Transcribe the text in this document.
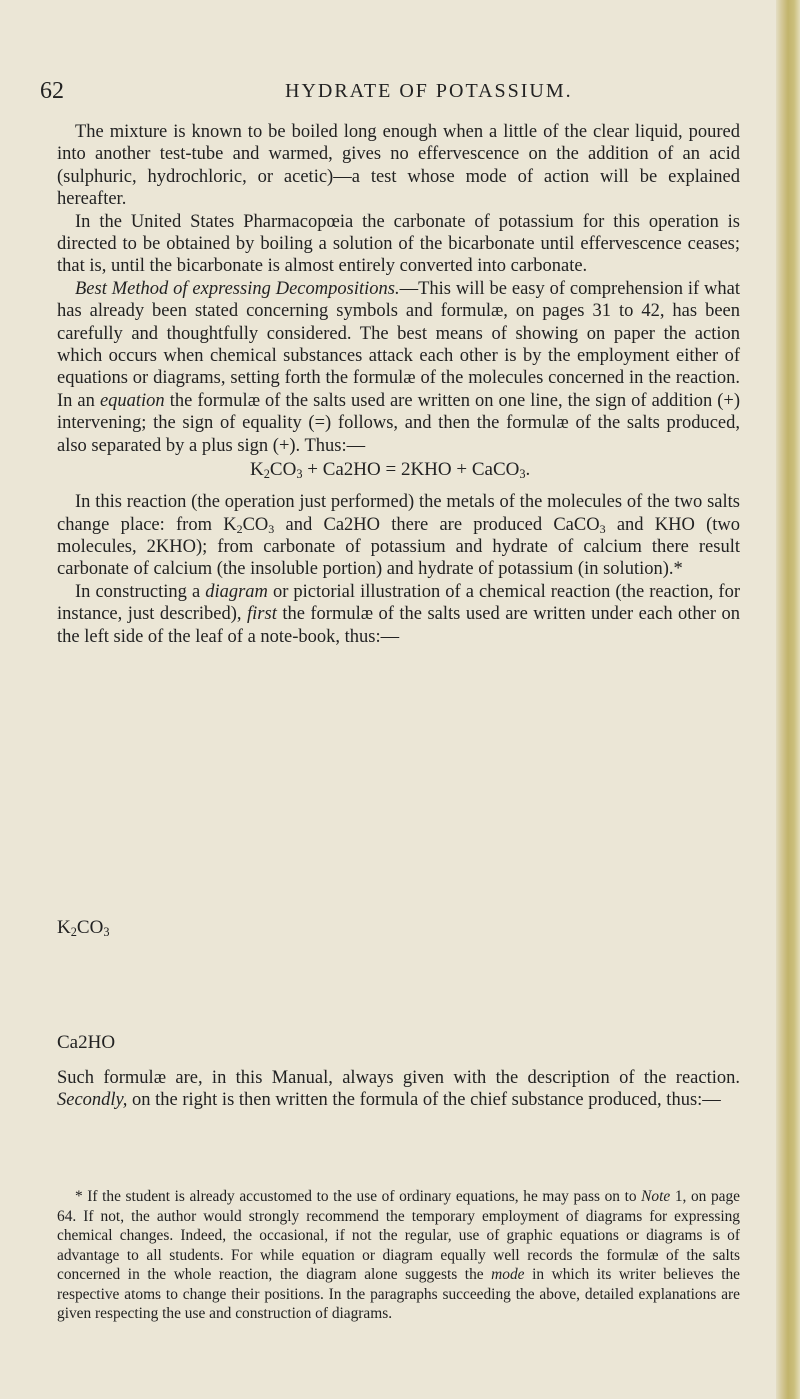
62	HYDRATE OF POTASSIUM.

The mixture is known to be boiled long enough when a little of the clear liquid, poured into another test-tube and warmed, gives no effervescence on the addition of an acid (sulphuric, hydrochloric, or acetic)—a test whose mode of action will be explained hereafter.

In the United States Pharmacopœia the carbonate of potassium for this operation is directed to be obtained by boiling a solution of the bicarbonate until effervescence ceases; that is, until the bicarbonate is almost entirely converted into carbonate.

Best Method of expressing Decompositions.—This will be easy of comprehension if what has already been stated concerning symbols and formulæ, on pages 31 to 42, has been carefully and thoughtfully considered. The best means of showing on paper the action which occurs when chemical substances attack each other is by the employment either of equations or diagrams, setting forth the formulæ of the molecules concerned in the reaction. In an equation the formulæ of the salts used are written on one line, the sign of addition (+) intervening; the sign of equality (=) follows, and then the formulæ of the salts produced, also separated by a plus sign (+). Thus:—

$K_2CO_3 + Ca2HO = 2KHO$ + CaCO$_3$.

In this reaction (the operation just performed) the metals of the molecules of the two salts change place: from $K_2CO_3$ and Ca2HO there are produced CaCO$_3$ and KHO (two molecules, 2KHO); from carbonate of potassium and hydrate of calcium there result carbonate of calcium (the insoluble portion) and hydrate of potassium (in solution).*

In constructing a diagram or pictorial illustration of a chemical reaction (the reaction, for instance, just described), first the formulæ of the salts used are written under each other on the left side of the leaf of a note-book, thus:—

$K_2CO_3$
Ca2HO

Such formulæ are, in this Manual, always given with the description of the reaction. Secondly, on the right is then written the formula of the chief substance produced, thus:—

* If the student is already accustomed to the use of ordinary equations, he may pass on to Note 1, on page 64. If not, the author would strongly recommend the temporary employment of diagrams for expressing chemical changes. Indeed, the occasional, if not the regular, use of graphic equations or diagrams is of advantage to all students. For while equation or diagram equally well records the formulæ of the salts concerned in the whole reaction, the diagram alone suggests the mode in which its writer believes the respective atoms to change their positions. In the paragraphs succeeding the above, detailed explanations are given respecting the use and construction of diagrams.
